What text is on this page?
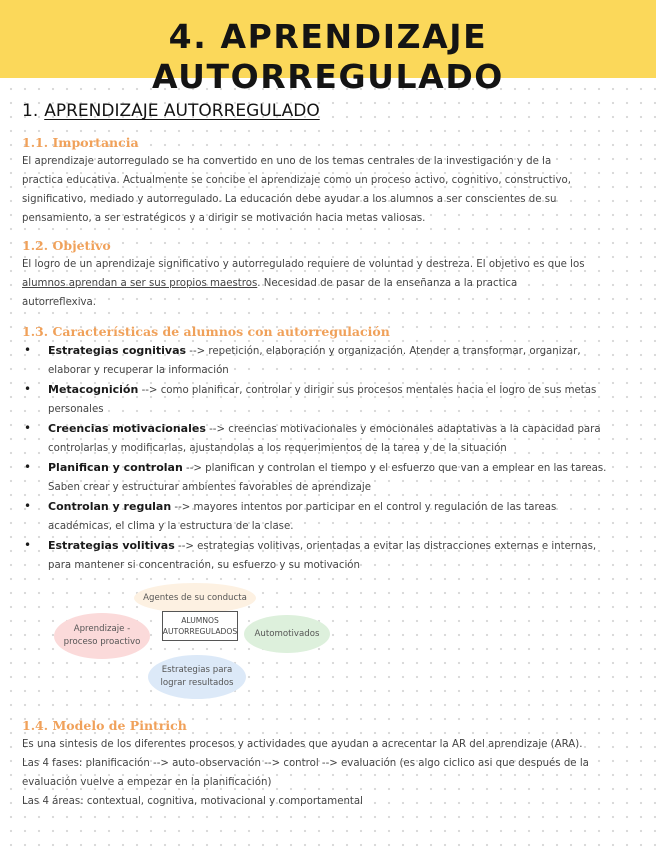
4. APRENDIZAJE AUTORREGULADO
1. APRENDIZAJE AUTORREGULADO
1.1. Importancia

El aprendizaje autorregulado se ha convertido en uno de los temas centrales de la investigación y de la
practica educativa. Actualmente se concibe el aprendizaje como un proceso activo, cognitivo, constructivo,
significativo, mediado y autorregulado. La educación debe ayudar a los alumnos a ser conscientes de su
pensamiento, a ser estratégicos y a dirigir se motivación hacia metas valiosas.

1.2. Objetivo

El logro de un aprendizaje significativo y autorregulado requiere de voluntad y destreza. El objetivo es que los
alumnos aprendan a ser sus propios maestros. Necesidad de pasar de la enseñanza a la practica
autorreflexiva.

1.3. Características de alumnos con autorregulación
• Estrategias cognitivas --> repetición, elaboración y organización. Atender a transformar, organizar,
elaborar y recuperar la información
• Metacognición --> como planificar, controlar y dirigir sus procesos mentales hacia el logro de sus metas
personales
• Creencias motivacionales --> creencias motivacionales y emocionales adaptativas a la capacidad para
controlarlas y modificarlas, ajustandolas a los requerimientos de la tarea y de la situación
• Planifican y controlan --> planifican y controlan el tiempo y el esfuerzo que van a emplear en las tareas.
Saben crear y estructurar ambientes favorables de aprendizaje
• Controlan y regulan --> mayores intentos por participar en el control y regulación de las tareas
académicas, el clima y la estructura de la clase.
• Estrategias volitivas --> estrategias volitivas, orientadas a evitar las distracciones externas e internas,
para mantener si concentración, su esfuerzo y su motivación
Agentes de su conducta
Aprendizaje -
proceso proactivo
Automotivados
Estrategias para
lograr resultados
ALUMNOS
AUTORREGULADOS
1.4. Modelo de Pintrich

Es una sintesis de los diferentes procesos y actividades que ayudan a acrecentar la AR del aprendizaje (ARA).
Las 4 fases: planificación --> auto-observación --> control --> evaluación (es algo ciclico asi que después de la
evaluación vuelve a empezar en la planificación)
Las 4 áreas: contextual, cognitiva, motivacional y comportamental
